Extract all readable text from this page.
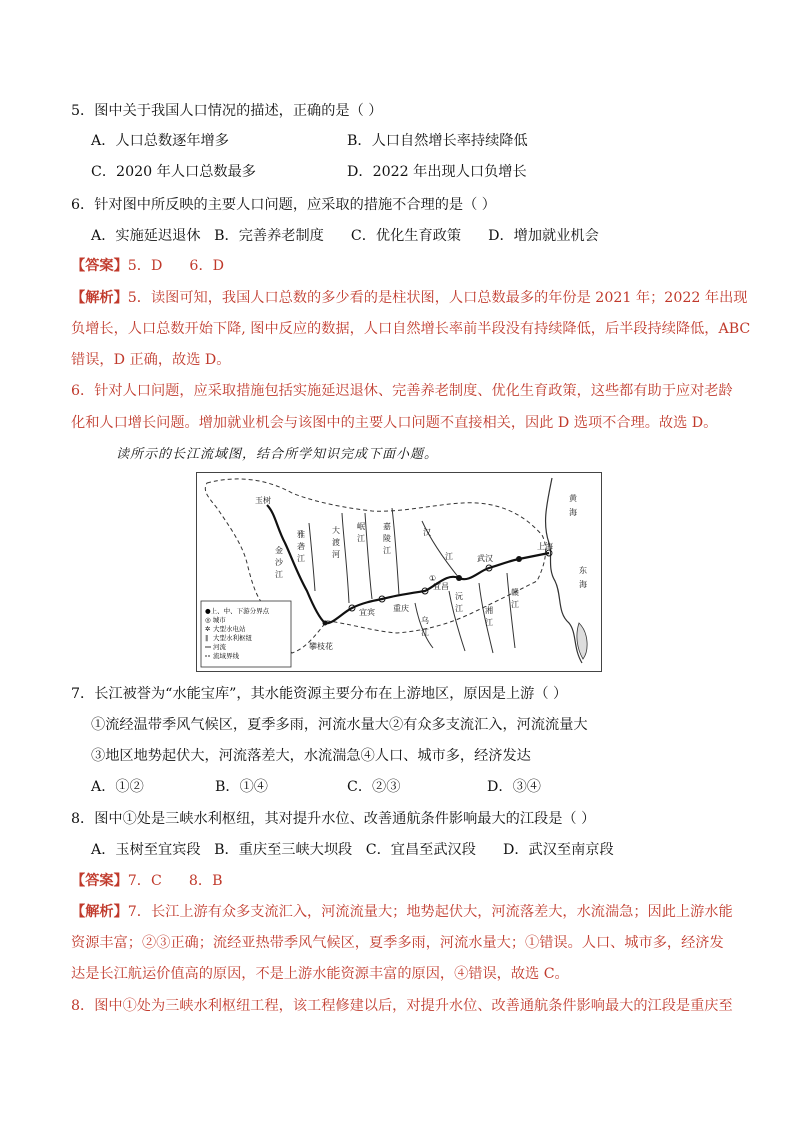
5．图中关于我国人口情况的描述，正确的是（ ）
A．人口总数逐年增多	B．人口自然增长率持续降低
C．2020 年人口总数最多	D．2022 年出现人口负增长
6．针对图中所反映的主要人口问题，应采取的措施不合理的是（ ）
A．实施延迟退休   B．完善养老制度      C．优化生育政策      D．增加就业机会
【答案】5．D      6．D
【解析】5．读图可知，我国人口总数的多少看的是柱状图，人口总数最多的年份是 2021 年；2022 年出现
负增长，人口总数开始下降, 图中反应的数据，人口自然增长率前半段没有持续降低，后半段持续降低，ABC
错误，D 正确，故选 D。
6．针对人口问题，应采取措施包括实施延迟退休、完善养老制度、优化生育政策，这些都有助于应对老龄
化和人口增长问题。增加就业机会与该图中的主要人口问题不直接相关，因此 D 选项不合理。故选 D。
读所示的长江流域图，结合所学知识完成下面小题。
●上、中、下游分界点
◎ 城市
✲ 大型水电站
‖ 大型水利枢纽
河流
流域界线
黄
海
上海
东
海
玉树
雅
砻
江
金
沙
江
大
渡
河
岷
江
嘉
陵
江
汉
江
①
宜昌
武汉
重庆
宜宾
攀枝花
乌
江
沅
江	湘
江
赣
江
7．长江被誉为“水能宝库”，其水能资源主要分布在上游地区，原因是上游（ ）
①流经温带季风气候区，夏季多雨，河流水量大②有众多支流汇入，河流流量大
③地区地势起伏大，河流落差大，水流湍急④人口、城市多，经济发达
A．①②	B．①④	C．②③	D．③④
8．图中①处是三峡水利枢纽，其对提升水位、改善通航条件影响最大的江段是（ ）
A．玉树至宜宾段   B．重庆至三峡大坝段   C．宜昌至武汉段      D．武汉至南京段
【答案】7．C      8．B
【解析】7．长江上游有众多支流汇入，河流流量大；地势起伏大，河流落差大，水流湍急；因此上游水能
资源丰富；②③正确；流经亚热带季风气候区，夏季多雨，河流水量大；①错误。人口、城市多，经济发
达是长江航运价值高的原因，不是上游水能资源丰富的原因，④错误，故选 C。
8．图中①处为三峡水利枢纽工程，该工程修建以后，对提升水位、改善通航条件影响最大的江段是重庆至
